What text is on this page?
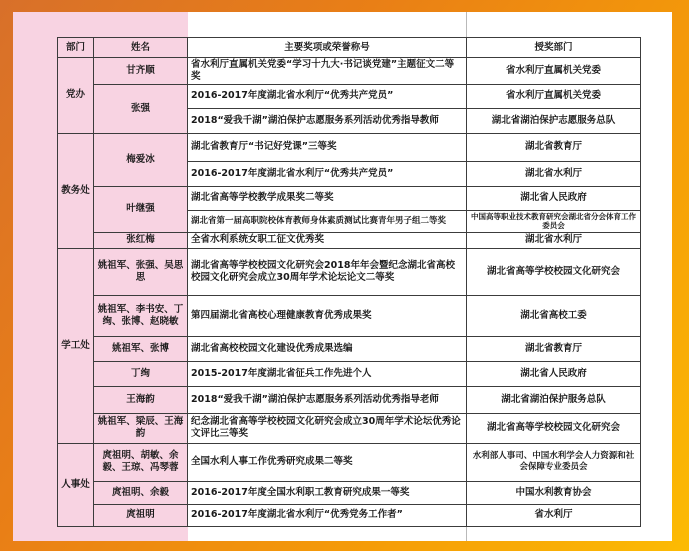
部门	姓名	主要奖项或荣誉称号	授奖部门
党办	甘齐顺	省水利厅直属机关党委“学习十九大·书记谈党建”主题征文二等奖	省水利厅直属机关党委
	张强	2016-2017年度湖北省水利厅“优秀共产党员”	省水利厅直属机关党委
		2018“爱我千湖”湖泊保护志愿服务系列活动优秀指导教师	湖北省湖泊保护志愿服务总队
教务处	梅爱冰	湖北省教育厅“书记好党课”三等奖	湖北省教育厅
		2016-2017年度湖北省水利厅“优秀共产党员”	湖北省水利厅
	叶继强	湖北省高等学校教学成果奖二等奖	湖北省人民政府
		湖北省第一届高职院校体育教师身体素质测试比赛青年男子组二等奖	中国高等职业技术教育研究会湖北省分会体育工作委员会
	张红梅	全省水利系统女职工征文优秀奖	湖北省水利厅
学工处	姚祖军、张强、吴思思	湖北省高等学校校园文化研究会2018年年会暨纪念湖北省高校校园文化研究会成立30周年学术论坛论文二等奖	湖北省高等学校校园文化研究会
	姚祖军、李书安、丁绚、张博、赵晓敏	第四届湖北省高校心理健康教育优秀成果奖	湖北省高校工委
	姚祖军、张博	湖北省高校校园文化建设优秀成果选编	湖北省教育厅
	丁绚	2015-2017年度湖北省征兵工作先进个人	湖北省人民政府
	王海韵	2018“爱我千湖”湖泊保护志愿服务系列活动优秀指导老师	湖北省湖泊保护服务总队
	姚祖军、梁辰、王海韵	纪念湖北省高等学校校园文化研究会成立30周年学术论坛优秀论文评比三等奖	湖北省高等学校校园文化研究会
人事处	庹祖明、胡敏、余毅、王琼、冯琴蓉	全国水利人事工作优秀研究成果二等奖	水利部人事司、中国水利学会人力资源和社会保障专业委员会
	庹祖明、余毅	2016-2017年度全国水利职工教育研究成果一等奖	中国水利教育协会
	庹祖明	2016-2017年度湖北省水利厅“优秀党务工作者”	省水利厅
